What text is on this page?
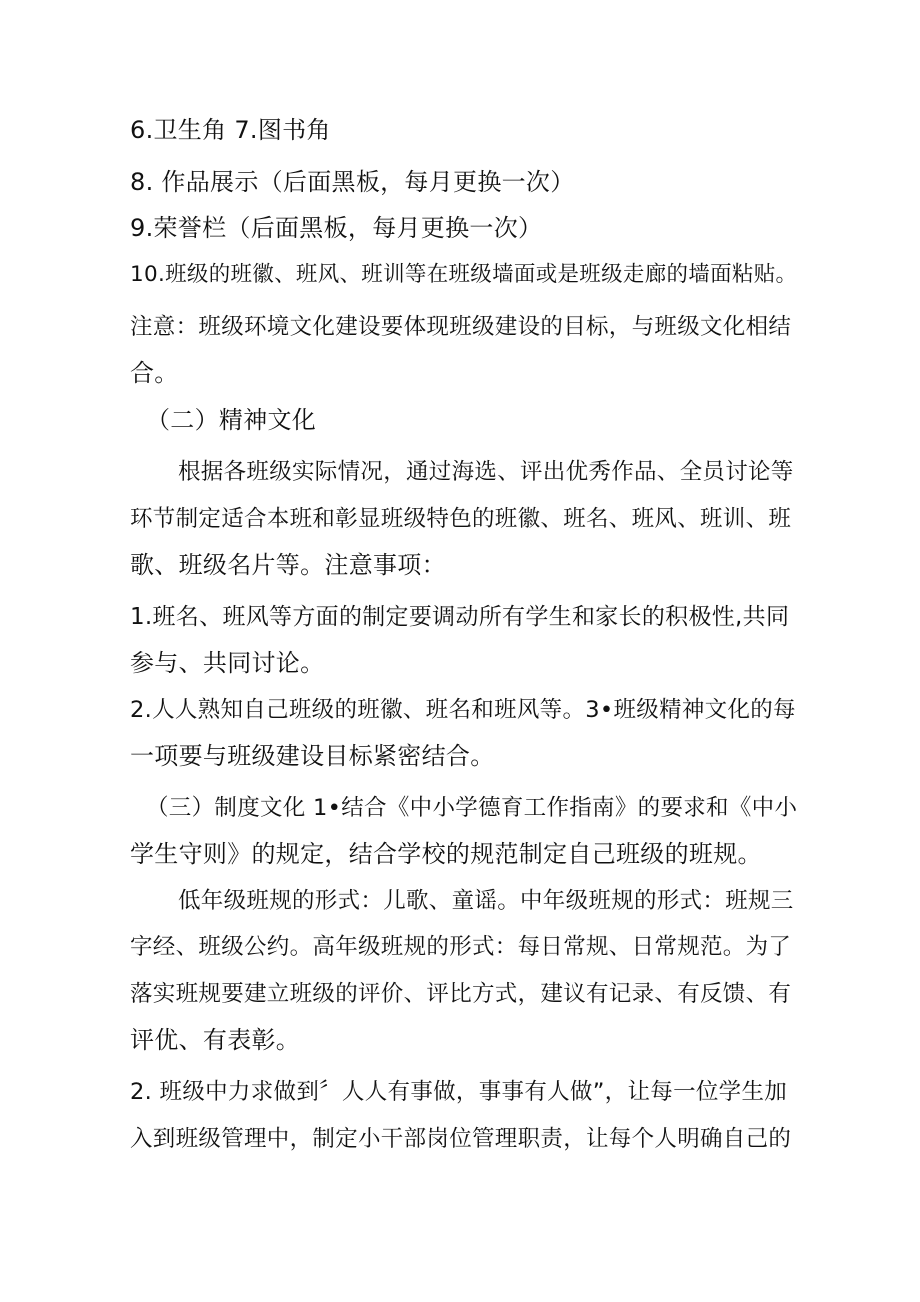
6.卫生角 7.图书角
8. 作品展示（后面黑板，每月更换一次）
9.荣誉栏（后面黑板，每月更换一次）
10.班级的班徽、班风、班训等在班级墙面或是班级走廊的墙面粘贴。
注意：班级环境文化建设要体现班级建设的目标，与班级文化相结
合。
（二）精神文化
根据各班级实际情况，通过海选、评出优秀作品、全员讨论等
环节制定适合本班和彰显班级特色的班徽、班名、班风、班训、班
歌、班级名片等。注意事项：
1.班名、班风等方面的制定要调动所有学生和家长的积极性,共同
参与、共同讨论。
2.人人熟知自己班级的班徽、班名和班风等。3•班级精神文化的每
一项要与班级建设目标紧密结合。
（三）制度文化 1•结合《中小学德育工作指南》的要求和《中小
学生守则》的规定，结合学校的规范制定自己班级的班规。
低年级班规的形式：儿歌、童谣。中年级班规的形式：班规三
字经、班级公约。高年级班规的形式：每日常规、日常规范。为了
落实班规要建立班级的评价、评比方式，建议有记录、有反馈、有
评优、有表彰。
2. 班级中力求做到〞人人有事做，事事有人做”，让每一位学生加
入到班级管理中，制定小干部岗位管理职责，让每个人明确自己的
